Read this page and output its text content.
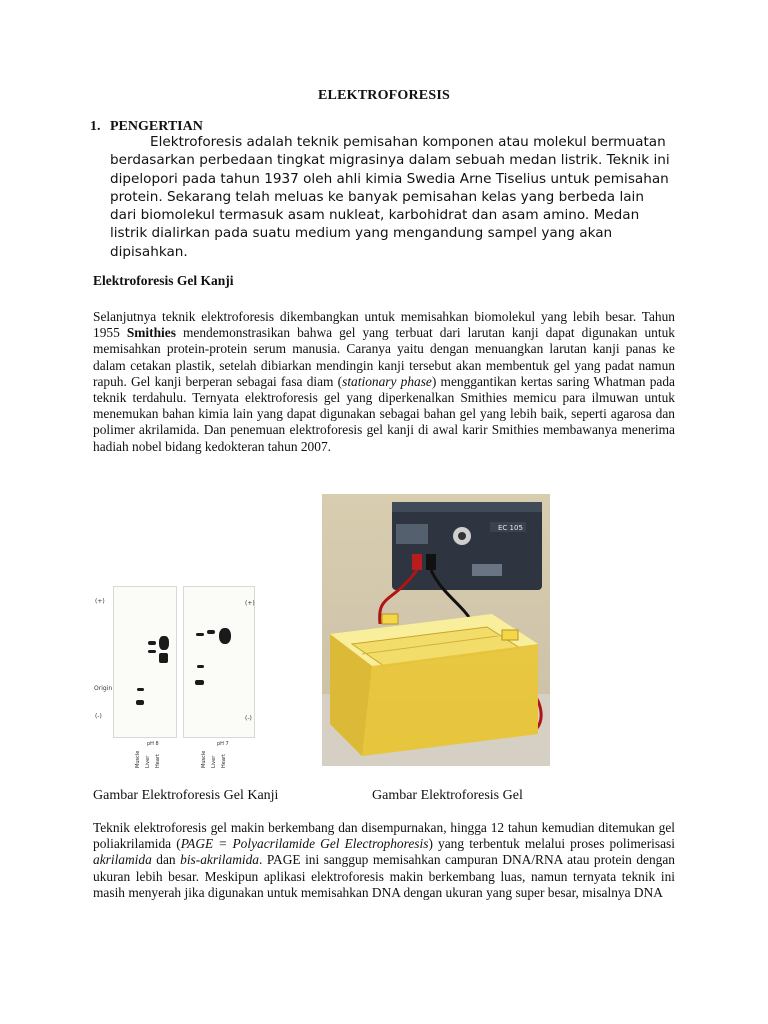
ELEKTROFORESIS
1. PENGERTIAN

Elektroforesis adalah teknik pemisahan komponen atau molekul bermuatan berdasarkan perbedaan tingkat migrasinya dalam sebuah medan listrik. Teknik ini dipelopori pada tahun 1937 oleh ahli kimia Swedia Arne Tiselius untuk pemisahan protein. Sekarang telah meluas ke banyak pemisahan kelas yang berbeda lain dari biomolekul termasuk asam nukleat, karbohidrat dan asam amino. Medan listrik dialirkan pada suatu medium yang mengandung sampel yang akan dipisahkan.

Elektroforesis Gel Kanji

Selanjutnya teknik elektroforesis dikembangkan untuk memisahkan biomolekul yang lebih besar. Tahun 1955 Smithies mendemonstrasikan bahwa gel yang terbuat dari larutan kanji dapat digunakan untuk memisahkan protein-protein serum manusia. Caranya yaitu dengan menuangkan larutan kanji panas ke dalam cetakan plastik, setelah dibiarkan mendingin kanji tersebut akan membentuk gel yang padat namun rapuh. Gel kanji berperan sebagai fasa diam (stationary phase) menggantikan kertas saring Whatman pada teknik terdahulu. Ternyata elektroforesis gel yang diperkenalkan Smithies memicu para ilmuwan untuk menemukan bahan kimia lain yang dapat digunakan sebagai bahan gel yang lebih baik, seperti agarosa dan polimer akrilamida. Dan penemuan elektroforesis gel kanji di awal karir Smithies membawanya menerima hadiah nobel bidang kedokteran tahun 2007.

(+)	(+)
Origin
(-)	(-)
pH 8	pH 7
Muscle Liver Heart	Muscle Liver Heart
EC 105
Gambar Elektroforesis Gel Kanji	Gambar Elektroforesis Gel

Teknik elektroforesis gel makin berkembang dan disempurnakan, hingga 12 tahun kemudian ditemukan gel poliakrilamida (PAGE = Polyacrilamide Gel Electrophoresis) yang terbentuk melalui proses polimerisasi akrilamida dan bis-akrilamida. PAGE ini sanggup memisahkan campuran DNA/RNA atau protein dengan ukuran lebih besar. Meskipun aplikasi elektroforesis makin berkembang luas, namun ternyata teknik ini masih menyerah jika digunakan untuk memisahkan DNA dengan ukuran yang super besar, misalnya DNA
